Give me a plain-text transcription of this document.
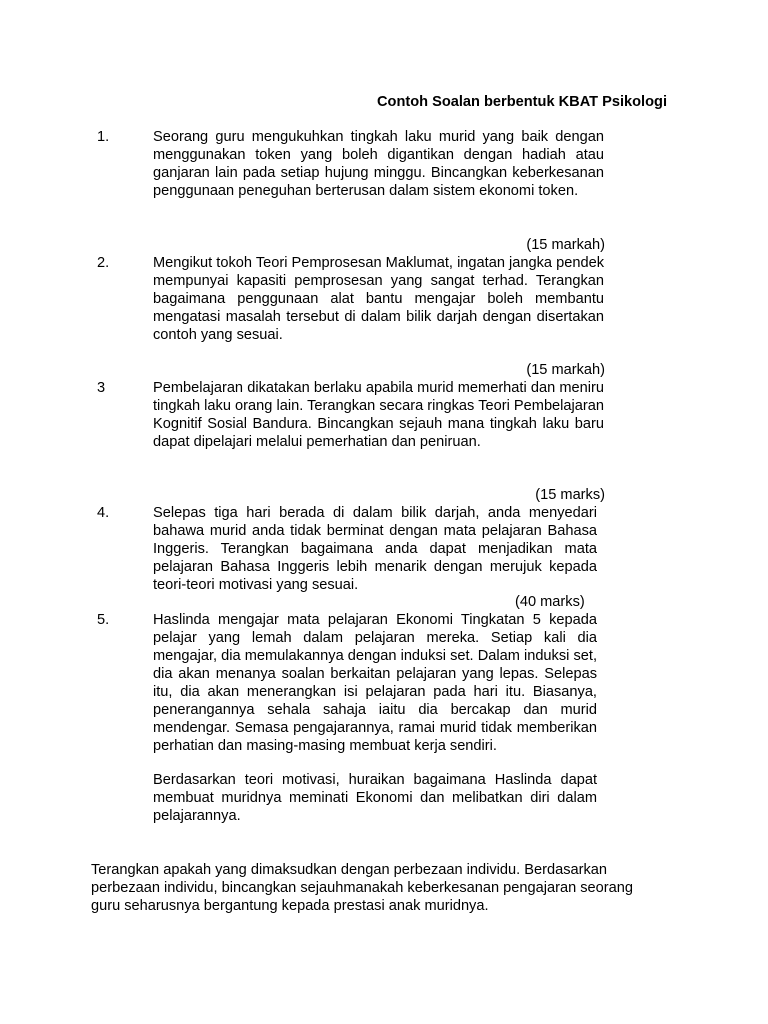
Contoh Soalan berbentuk KBAT Psikologi
1.	Seorang guru mengukuhkan tingkah laku murid yang baik dengan menggunakan token yang boleh digantikan dengan hadiah atau ganjaran lain pada setiap hujung minggu. Bincangkan keberkesanan penggunaan peneguhan berterusan dalam sistem ekonomi token.
(15 markah)
2.	Mengikut tokoh Teori Pemprosesan Maklumat, ingatan jangka pendek mempunyai kapasiti pemprosesan yang sangat terhad. Terangkan bagaimana penggunaan alat bantu mengajar boleh membantu mengatasi masalah tersebut di dalam bilik darjah dengan disertakan contoh yang sesuai.
(15 markah)
3	Pembelajaran dikatakan berlaku apabila murid memerhati dan meniru tingkah laku orang lain. Terangkan secara ringkas Teori Pembelajaran Kognitif Sosial Bandura. Bincangkan sejauh mana tingkah laku baru dapat dipelajari melalui pemerhatian dan peniruan.
(15 marks)
4.	Selepas tiga hari berada di dalam bilik darjah, anda menyedari bahawa murid anda tidak berminat dengan mata pelajaran Bahasa Inggeris. Terangkan bagaimana anda dapat menjadikan mata pelajaran Bahasa Inggeris lebih menarik dengan merujuk kepada teori-teori motivasi yang sesuai.
(40 marks)
5.	Haslinda mengajar mata pelajaran Ekonomi Tingkatan 5 kepada pelajar yang lemah dalam pelajaran mereka. Setiap kali dia mengajar, dia memulakannya dengan induksi set. Dalam induksi set, dia akan menanya soalan berkaitan pelajaran yang lepas. Selepas itu, dia akan menerangkan isi pelajaran pada hari itu. Biasanya, penerangannya sehala sahaja iaitu dia bercakap dan murid mendengar. Semasa pengajarannya, ramai murid tidak memberikan perhatian dan masing-masing membuat kerja sendiri.
Berdasarkan teori motivasi, huraikan bagaimana Haslinda dapat membuat muridnya meminati Ekonomi dan melibatkan diri dalam pelajarannya.
Terangkan apakah yang dimaksudkan dengan perbezaan individu. Berdasarkan perbezaan individu, bincangkan sejauhmanakah keberkesanan pengajaran seorang guru seharusnya bergantung kepada prestasi anak muridnya.
